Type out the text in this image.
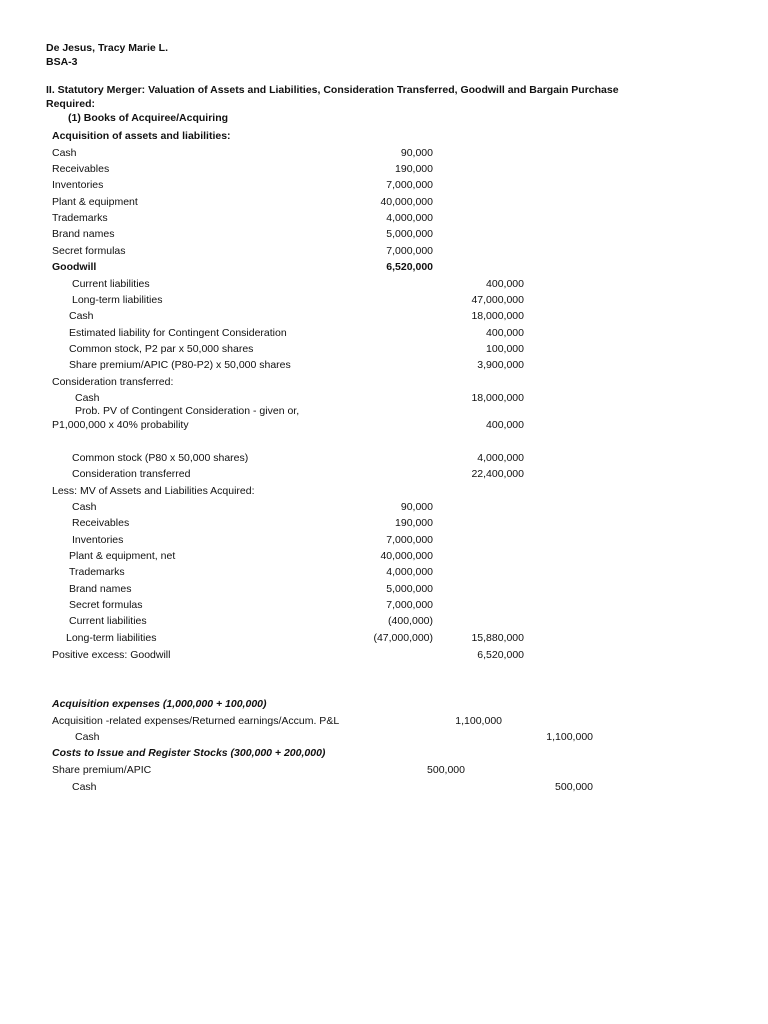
De Jesus, Tracy Marie L.
BSA-3
II. Statutory Merger: Valuation of Assets and Liabilities, Consideration Transferred, Goodwill and Bargain Purchase
Required:
(1) Books of Acquiree/Acquiring
Acquisition of assets and liabilities:
Cash	90,000
Receivables	190,000
Inventories	7,000,000
Plant & equipment	40,000,000
Trademarks	4,000,000
Brand names	5,000,000
Secret formulas	7,000,000
Goodwill	6,520,000
Current liabilities	400,000
Long-term liabilities	47,000,000
Cash	18,000,000
Estimated liability for Contingent Consideration	400,000
Common stock, P2 par x 50,000 shares	100,000
Share premium/APIC (P80-P2) x 50,000 shares	3,900,000
Consideration transferred:
Cash	18,000,000
Prob. PV of Contingent Consideration - given or,
P1,000,000 x 40% probability	400,000
Common stock (P80 x 50,000 shares)	4,000,000
Consideration transferred	22,400,000
Less: MV of Assets and Liabilities Acquired:
Cash	90,000
Receivables	190,000
Inventories	7,000,000
Plant & equipment, net	40,000,000
Trademarks	4,000,000
Brand names	5,000,000
Secret formulas	7,000,000
Current liabilities	(400,000)
Long-term liabilities	(47,000,000)	15,880,000
Positive excess: Goodwill	6,520,000
Acquisition expenses (1,000,000 + 100,000)
Acquisition -related expenses/Returned earnings/Accum. P&L	1,100,000
Cash	1,100,000
Costs to Issue and Register Stocks (300,000 + 200,000)
Share premium/APIC	500,000
Cash	500,000
